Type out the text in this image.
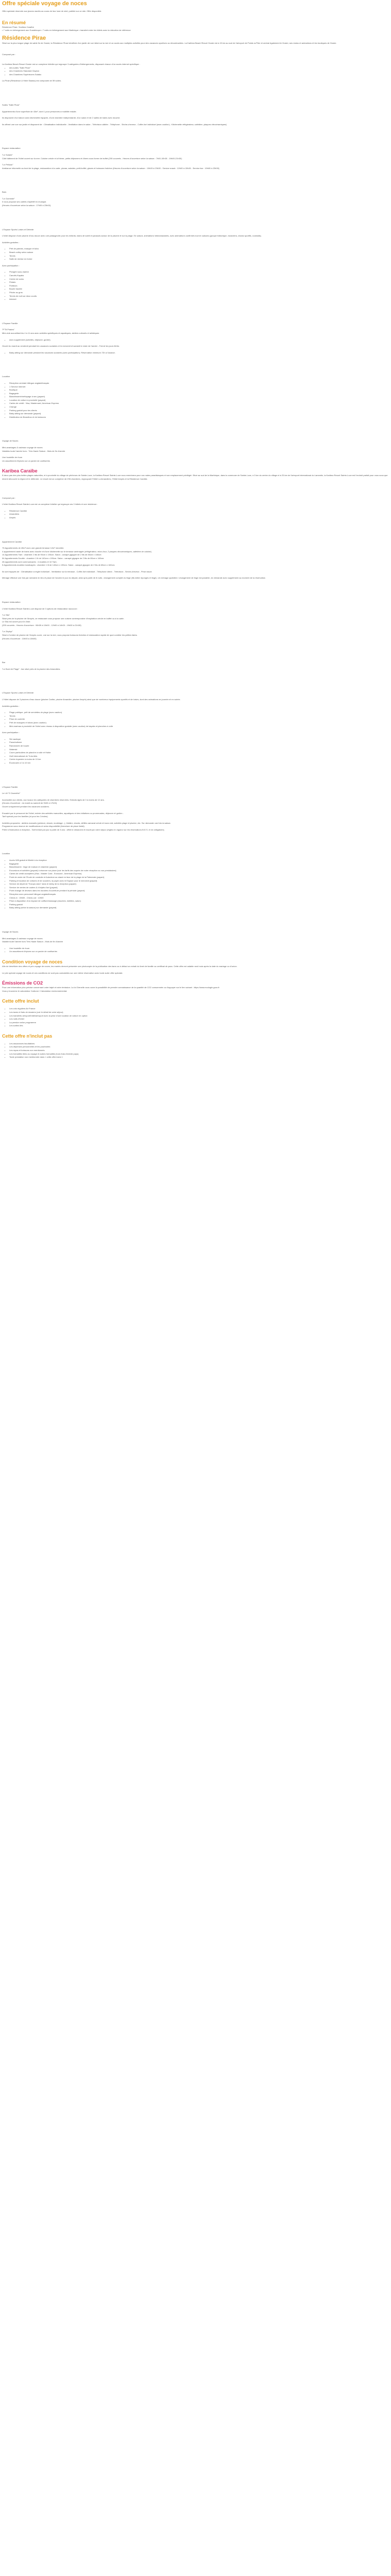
Offre spéciale voyage de noces
Offre spéciale réservée aux jeunes mariés au cours de leur lune de miel, publiée sur ce site. Offre disponible.
En résumé
Résidence Pirae / Karibea Caraïbe
• 7 nuits en hébergement aux Guadeloupe • 7 nuits en hébergement aux Martinique • transfert entre les hôtels avec la réduction de référence
Résidence Pirae
Situé sur la plus longue plage de sable fin de Gosier, la Résidence Pirae bénéficie d'un jardin de vue idéal sur la mer et un accès aux multiples activités pour des vacances sportives ou décontractées. La Karibea Beach Resort Gosier est à 15 km au sud de l'aéroport de Pointe-à-Pitre et central également le Gosier, ses restos et animations et les boutiques de Gosier.
Composé par :
La Karibea Beach Resort Gosier est un complexe hôtelier qui regroupe 3 catégories d'hébergements, disposant chacun d'un accès internet spécifique :
• des suites "Salle Pirae"
• des Chambres Standard Clayton
• des Chambres Supérieures Salako
La Pirae (Résidence & Hôtel Salako) est composée de 59 suites.
Suites "Salle Pirae"
Appartements d'une superficie de 43m², dont 1 pour personnes à mobilité réduite.
Ils disposent d'un balcon avec kitchenette équipée, d'une chambre indépendante, d'un salon et de 2 salles de bains avec douche.
Ils offrent une vue sur jardin et disposent de : Climatisation individuelle - Ventilation dans le salon - Télévision câblée - Téléphone - Sèche-cheveux - Coffre-fort individuel (avec caution) - Kitchenette réfrigérateur, cafetière, plaques vitrocéramiques)
Espace restauration
"Le Solaire"
Côté bâtiment de l'hôtel ouvert sur la mer. Cuisine créole et à thème, petits déjeuners et dîners sous forme de buffet (200 couverts - Heures d'ouverture selon la saison : 7h00-10h30 - 19h00-21h30)
"Le Pélican"
Ambiance informelle au bord de la plage, restauration à la carte, pizzas, salades, petit-buffet, glaces et boissons fraîches (Heures d'ouverture selon la saison : 10h00 à 23h30 - Service snack : 12h00 à 15h00 - Service bar : 19h00 à 23h30)
Bars
"Le Gommier"
Il vous propose ses cartels d'apéritif en musique.
(Heures d'ouverture selon la saison : 17h00 à 23h00)
L'Espace Sports Loisirs et Détente
L'hôtel dispose d'une piscine d'eau douce avec une pataugeoire pour les enfants, bains de soleil et parasols autour de la piscine et sur la plage. En saison, animations hebdomadaires, avec animateurs confirmés tout en saisons (groupe folklorique, musiciens, shows sportifs, cocktails).
Activités gratuites :
• Prêt de palmes, masque et tuba
• Beach-volley selon saison
• Tennis
• Salle de remise en forme
Avec participation :
• Plongée sous-marine
• Canoës-Kayaks
• Centre de soins
• Pédalo
• Flotteurs
• Bouée tractée
• Pêche au gros
• Tennis de nuit sur deux courts
• Internet
L'Espace Famille
"P'Tit Pirates"
Mini-club accueillant les 4 à 11 ans avec activités spécifiques et aquatiques, ateliers culturels et artistiques
• avec supplément (activités, déjeuner, goûter).
Ouvert du mardi au vendredi pendant les vacances scolaires et le mercredi et samedi le reste de l'année - Fermé les jours fériés
• Baby-sitting sur demande pendant les vacances scolaires (avec participation). Réservation minimum 72h à l'avance.
Location
• Réception centrale bilingue anglais/français
• 1 Service Internet
• Boutique
• Bagagerie
• Blanchisserie/nettoyage à sec (payant)
• Location de voiture à proximité (payant)
• Cartes de crédit : Visa, Mastercard, American Express
• Change
• Parking gratuit pour les clients
• Baby-sitting sur demande (payant)
• Distribution de Brandbox et de boissons
Voyage de Noces
Mini-avantages & cadeaux voyage de noces
Valables toute l'année hors : Très Haute Saison - Mois de fin d'année
Une bouteille de rhum
Un assortiment d'épices sur un panier de confiseries
Karibea Caraïbe
À deux pas des plus belles plages naturelles, et à proximité du village de pêcheurs de Sainte-Luce, la Karibea Resort Sainte-Luce vous emmènera pour vos rades paradisiaques et son emplacement privilégié. Situé au sud de la Martinique, dans la commune de Sainte-Luce, à 3 km du centre du village et à 25 km de l'aéroport international du Lamentin, la Karibea Resort Sainte-Luce est l'endroit parfait pour vous sous que mixent découvrir la région et le défendre. Le resort est un complexe de 296 chambres, regroupant l'Hôtel La Amandiers, l'Hôtel Amyris et la Résidence Caraïbe.
Composé par :
L'hôtel Karibea Resort Sainte-Luce est un complexe hôtelier qui regroupe ces 3 hôtels et une résidence :
• Résidence Caraïbe
• Amandiers
• Amyris
Appartement Caraïbe
75 Appartements de 45m² avec une grande terrasse 12m² meublée.
4 appartement vaste de bains avec douche et d'une kitchenette sur le terrasse aménagée (réfrigérateur, micro-four, 2 plaques vitrocéramiques, cafetière de cuisine).
14 Appartements Twin : chambre 2 lits de 90cm x 190cm. Salon - canapé gigogne de 2 lits de 80cm x 160cm
54 Appartements Double : chambre 1 lit de 140cm x 190cm. Salon - canapé gigogne de 2 lits de 80cm x 160cm
28 appartements sont communicants : 4 doubles et 10 Twin.
5 Appartements doubles handicapés : chambre 1 lit de 140cm x 190cm. Salon - canapé gigogne de 2 lits de 80cm x 160cm.
Ils sont équipés de : Climatisation à régler individuel - Ventilateur sur la terrasse - Coffre-fort individuel - Téléphone direct - Télévision - Sèche-cheveux - Prise rasoir.
Ménage effectué une fois par semaine en lieu et place de l'ancien le jour du départ, ainsi qu'à partir de 8 nuits ; changement complet du linge (lits entier éponges et linge). Un ménage quotidien / changement de linge est possible, en demande avec supplément au moment de la réservation.
Espace restauration
L'hôtel Karibea Resort Sainte-Luce dispose de 3 options de restauration raccourci :
"Le Sila"
Situé près de la piscine de l'Amyris, ce restaurant vous propose une cuisine contemporaine d'inspiration créole en buffet ou à la carte.
Le Sila est ouvert pour le dîner.
(200 couverts - Heures d'ouverture : 06h30 à 10h00 - 12h00 à 14h00 - 19h30 à 21h30)
"Le Zéphyr"
Situé à l'ombre de piscine de l'Amyris ouvre, vue sur la mer, vous propose boissons fraîches et restauration rapide de quoi combler les petites faims.
(Heures d'ouverture : 10h00 à 18h00)
Bar
"Le Bord de Plage" : bar situé près de la piscine des Amandiers.
L'Espace Sports Loisirs et Détente
L'Hôtel dispose de 3 piscines d'eau douce (piscine Caribe, piscine Amandier, piscine Amyris) ainsi que de nombreux équipements sportifs et de loisirs, dont des animations en journée et en soirée.
Activités gratuites :
• Plage publique, prêt de serviettes de plage (avec caution)
• Tennis
• Prise de contrôle
• Prêt de masques et tubas (avec caution)
• Mini-marinas à proximité de l'hôtel avec réseau à disposition gratuite (avec caution) de kayaks et planches à voile
Avec participation :
• Ski nautique
• Parachutisme
• Randonnée de bouée
• Waterski
• Cours particuliers de planche à voile et Hobie
• Golf international de Trois-Ilets
• Centre équestre à moins de 10 km
• Écomusée à 3 à 10 km
L'Espace Famille
Le Lili "O Zaventhé"
Accessible aux clients, aux locaux les catégories de chambres réservées. Enfants âgés de 3 à moins de 12 ans.
(Heures d'ouverture : du mardi au samedi de 9h00 à 17h00)
Ouvert uniquement pendant les vacances scolaires.
Encadré par le personnel de l'hôtel, entrée des activités manuelles, aquatiques et des initiations ou promenades, déjeuner et goûter...
Tarif spécial pour les familles (et pour les Créoles).
Activités proposées : ateliers manuels (peinture, dessin, modelage...), théâtre, chants, défilés carnaval créole et tours mid, activités plage et piscine, etc. Sur demande une fois la saison.
Programme sous réserve de modifications et selon disponibilité (fermeture de place limité).
Prière d'instruction à réception - Tarif enfant par jour à partir de 3 ans : offert le dimanche et inscrit par votre séjour (règles en vigueur sur les réservations B.E.S. et en obligatoire).
Location
• Accès Wifi gratuit et illimité à la réception
• Bagagerie
• Blanchisserie : linge de maison et chambre (payant)
• Excursions et activités (payant) à réserver sur place (voir les tarifs des auprès de notre réception ou nos prestataires)
• Cartes de crédit acceptées (Visa - Master Card - Eurocard - American Express)
• Point de vente de l'Ecole de conduite et Autodeve au stand en face de la plage de la Palmeraie (payant)
• Parking et location de voitures et de scooters, la payer avec le Espace pour le mercredi (payant)
• Service de dépôt de "Europe-Auto" dans le lobby de la réception (payant)
• Service de ventes de cadres & d'objets d'art (payant)
• Point change de devises dans les horaires d'ouverture pendant la période (payant)
• Réception avec personnel bilingue anglais/français
• Check-in : 15h00 - Check-out : 12h00
• Prise à disposition d'un espace de coiffure/massage (douches, toilettes, salon)
• Parking gratuit
• Baby-sitting (selon la saison) sur demande (payant)
Voyage de Noces
Mini-avantages & cadeaux voyage de noces
Valable toute l'année hors Très Haute Saison - Mois de fin d'année
• Une bouteille de rhum
• Un assortiment d'épices sur un panier de confiseries
Condition voyage de noces
Afin de bénéficier des offres et prix voyage de noces, les mariés devront présenter une photocopie de la publication des bans ou à défaut un extrait du livret de famille ou certificat de pacs. Cette offre est valable neuf mois après la date du mariage ou d'union.
Le prix spécial voyage de noces et ces conditions ne sont pas cumulables sur une même réservation avec toute autre offre spéciale.
Émissions de CO2
Pour une information plus précise concernant votre trajet et votre émission. La loi Grenelle vous ouvre la possibilité de prendre connaissance de la quantité de CO2 consommée ou d'appuyer sur le lien suivant : https://www.ecologie.gouv.fr
Vous y trouverez le calculateur Carbone / Calculateur environnemental.
Cette offre inclut
• Les vols réguliers Air France
• Les taxes et frais de dossiers (voir le détail de votre séjour)
• Les transferts aéroport/hôtel/aéroport avec la prise d'une location de voiture en option
• Les nuits d'hôtel
• La pension selon programme
• Les sorties liés
Cette offre n'inclut pas
• Les assurances facultatives
• Les dépenses personnelles et les pourboires
• Les repas et boissons non mentionnés
• Les formalités liées au voyage et autres formalités (hors frais d'entrée pays)
• Toute prestation non mentionnée dans « cette offre inclut »
